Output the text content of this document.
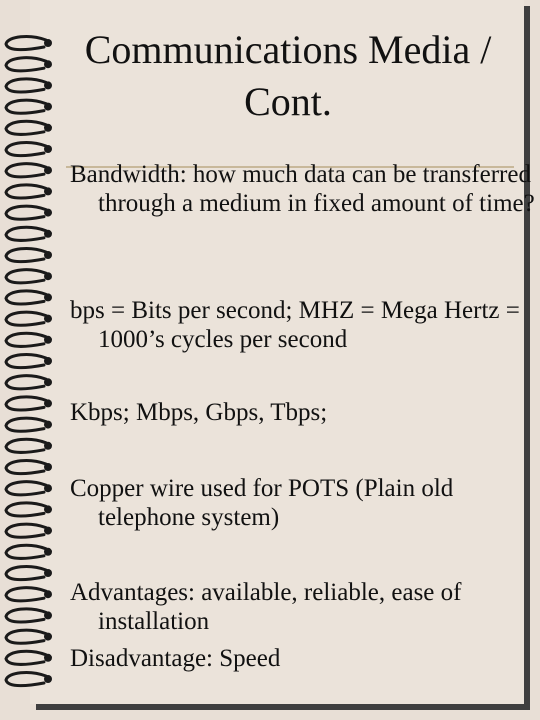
Communications Media / Cont.
Bandwidth: how much data can be transferred through a medium in fixed amount of time?
bps = Bits per second; MHZ = Mega Hertz = 1000’s cycles per second
Kbps; Mbps, Gbps, Tbps;
Copper wire used for POTS (Plain old telephone system)
Advantages: available, reliable, ease of installation
Disadvantage: Speed
